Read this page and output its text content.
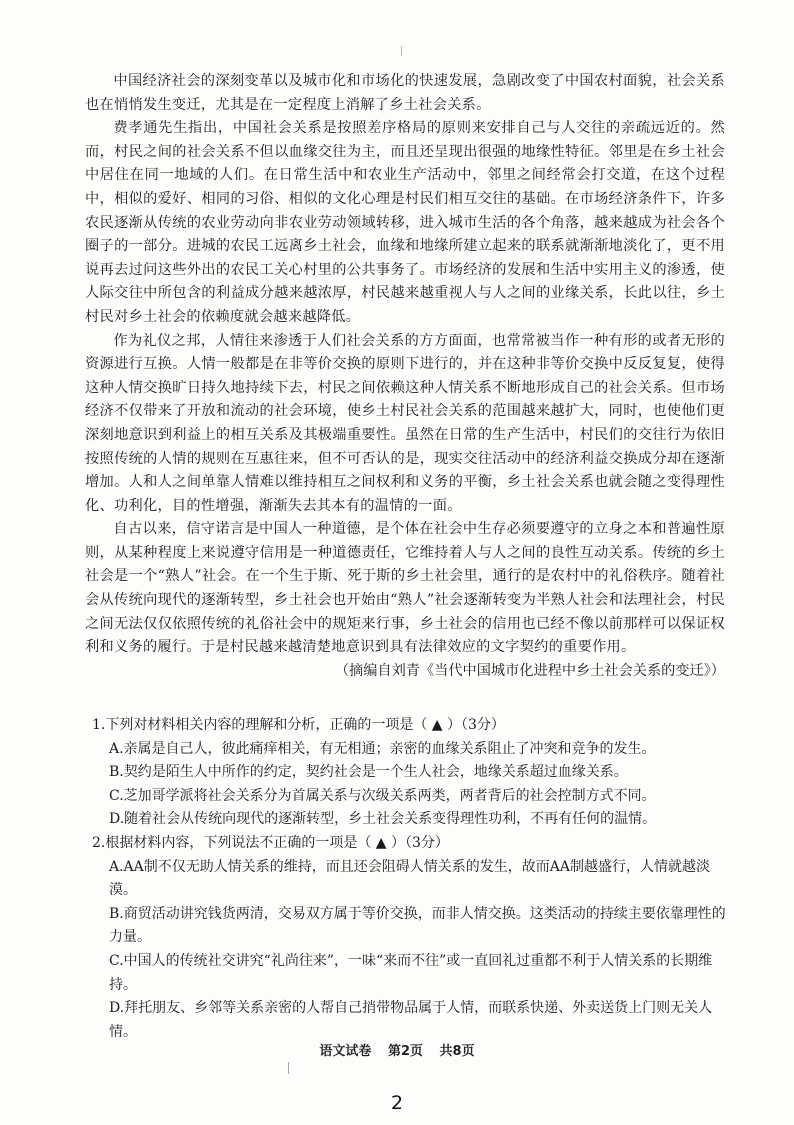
中国经济社会的深刻变革以及城市化和市场化的快速发展，急剧改变了中国农村面貌，社会关系也在悄悄发生变迁，尤其是在一定程度上消解了乡土社会关系。

费孝通先生指出，中国社会关系是按照差序格局的原则来安排自己与人交往的亲疏远近的。然而，村民之间的社会关系不但以血缘交往为主，而且还呈现出很强的地缘性特征。邻里是在乡土社会中居住在同一地域的人们。在日常生活中和农业生产活动中，邻里之间经常会打交道，在这个过程中，相似的爱好、相同的习俗、相似的文化心理是村民们相互交往的基础。在市场经济条件下，许多农民逐渐从传统的农业劳动向非农业劳动领域转移，进入城市生活的各个角落，越来越成为社会各个圈子的一部分。进城的农民工远离乡土社会，血缘和地缘所建立起来的联系就渐渐地淡化了，更不用说再去过问这些外出的农民工关心村里的公共事务了。市场经济的发展和生活中实用主义的渗透，使人际交往中所包含的利益成分越来越浓厚，村民越来越重视人与人之间的业缘关系，长此以往，乡土村民对乡土社会的依赖度就会越来越降低。

作为礼仪之邦，人情往来渗透于人们社会关系的方方面面，也常常被当作一种有形的或者无形的资源进行互换。人情一般都是在非等价交换的原则下进行的，并在这种非等价交换中反反复复，使得这种人情交换旷日持久地持续下去，村民之间依赖这种人情关系不断地形成自己的社会关系。但市场经济不仅带来了开放和流动的社会环境，使乡土村民社会关系的范围越来越扩大，同时，也使他们更深刻地意识到利益上的相互关系及其极端重要性。虽然在日常的生产生活中，村民们的交往行为依旧按照传统的人情的规则在互惠往来，但不可否认的是，现实交往活动中的经济利益交换成分却在逐渐增加。人和人之间单靠人情难以维持相互之间权利和义务的平衡，乡土社会关系也就会随之变得理性化、功利化，目的性增强，渐渐失去其本有的温情的一面。

自古以来，信守诺言是中国人一种道德，是个体在社会中生存必须要遵守的立身之本和普遍性原则，从某种程度上来说遵守信用是一种道德责任，它维持着人与人之间的良性互动关系。传统的乡土社会是一个“熟人”社会。在一个生于斯、死于斯的乡土社会里，通行的是农村中的礼俗秩序。随着社会从传统向现代的逐渐转型，乡土社会也开始由“熟人”社会逐渐转变为半熟人社会和法理社会，村民之间无法仅仅依照传统的礼俗社会中的规矩来行事，乡土社会的信用也已经不像以前那样可以保证权利和义务的履行。于是村民越来越清楚地意识到具有法律效应的文字契约的重要作用。

（摘编自刘青《当代中国城市化进程中乡土社会关系的变迁》）

1.下列对材料相关内容的理解和分析，正确的一项是（ ▲ ）（3分）

A.亲属是自己人，彼此痛痒相关，有无相通；亲密的血缘关系阻止了冲突和竞争的发生。

B.契约是陌生人中所作的约定，契约社会是一个生人社会，地缘关系超过血缘关系。

C.芝加哥学派将社会关系分为首属关系与次级关系两类，两者背后的社会控制方式不同。

D.随着社会从传统向现代的逐渐转型，乡土社会关系变得理性功利，不再有任何的温情。

2.根据材料内容，下列说法不正确的一项是（ ▲ ）（3分）

A.AA制不仅无助人情关系的维持，而且还会阻碍人情关系的发生，故而AA制越盛行，人情就越淡漠。

B.商贸活动讲究钱货两清，交易双方属于等价交换，而非人情交换。这类活动的持续主要依靠理性的力量。

C.中国人的传统社交讲究“礼尚往来”，一味“来而不往”或一直回礼过重都不利于人情关系的长期维持。

D.拜托朋友、乡邻等关系亲密的人帮自己捎带物品属于人情，而联系快递、外卖送货上门则无关人情。

语文试卷 第2页 共8页
2
